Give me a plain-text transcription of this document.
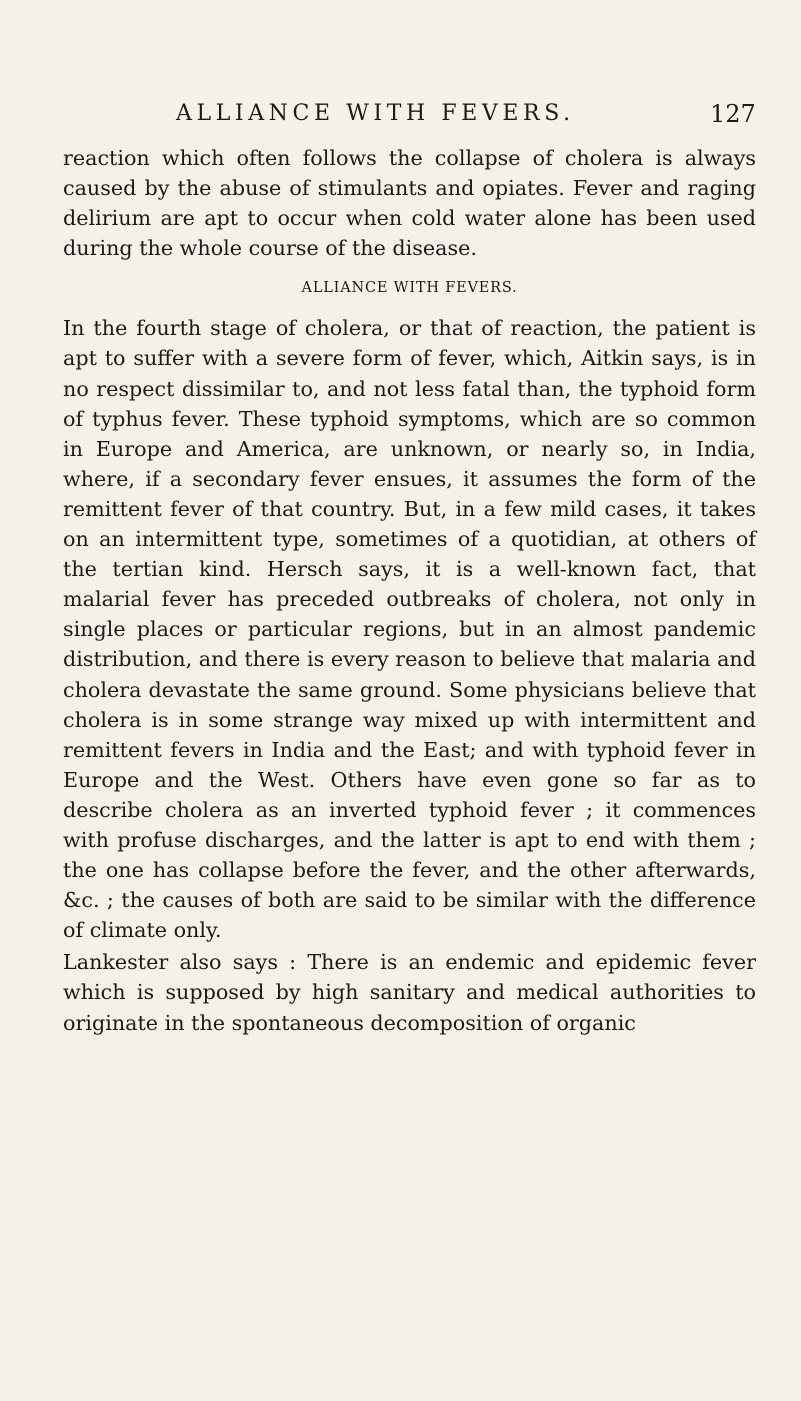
ALLIANCE WITH FEVERS.	127

reaction which often follows the collapse of cholera is always caused by the abuse of stimulants and opiates. Fever and raging delirium are apt to occur when cold water alone has been used during the whole course of the disease.

ALLIANCE WITH FEVERS.

In the fourth stage of cholera, or that of reaction, the patient is apt to suffer with a severe form of fever, which, Aitkin says, is in no respect dissimilar to, and not less fatal than, the typhoid form of typhus fever. These typhoid symptoms, which are so common in Europe and America, are unknown, or nearly so, in India, where, if a secondary fever ensues, it assumes the form of the remittent fever of that country. But, in a few mild cases, it takes on an intermittent type, sometimes of a quotidian, at others of the tertian kind. Hersch says, it is a well-known fact, that malarial fever has preceded outbreaks of cholera, not only in single places or particular regions, but in an almost pandemic distribution, and there is every reason to believe that malaria and cholera devastate the same ground. Some physicians believe that cholera is in some strange way mixed up with intermittent and remittent fevers in India and the East; and with typhoid fever in Europe and the West. Others have even gone so far as to describe cholera as an inverted typhoid fever ; it commences with profuse discharges, and the latter is apt to end with them ; the one has collapse before the fever, and the other afterwards, &c. ; the causes of both are said to be similar with the difference of climate only.

Lankester also says : There is an endemic and epidemic fever which is supposed by high sanitary and medical authorities to originate in the spontaneous decomposition of organic
